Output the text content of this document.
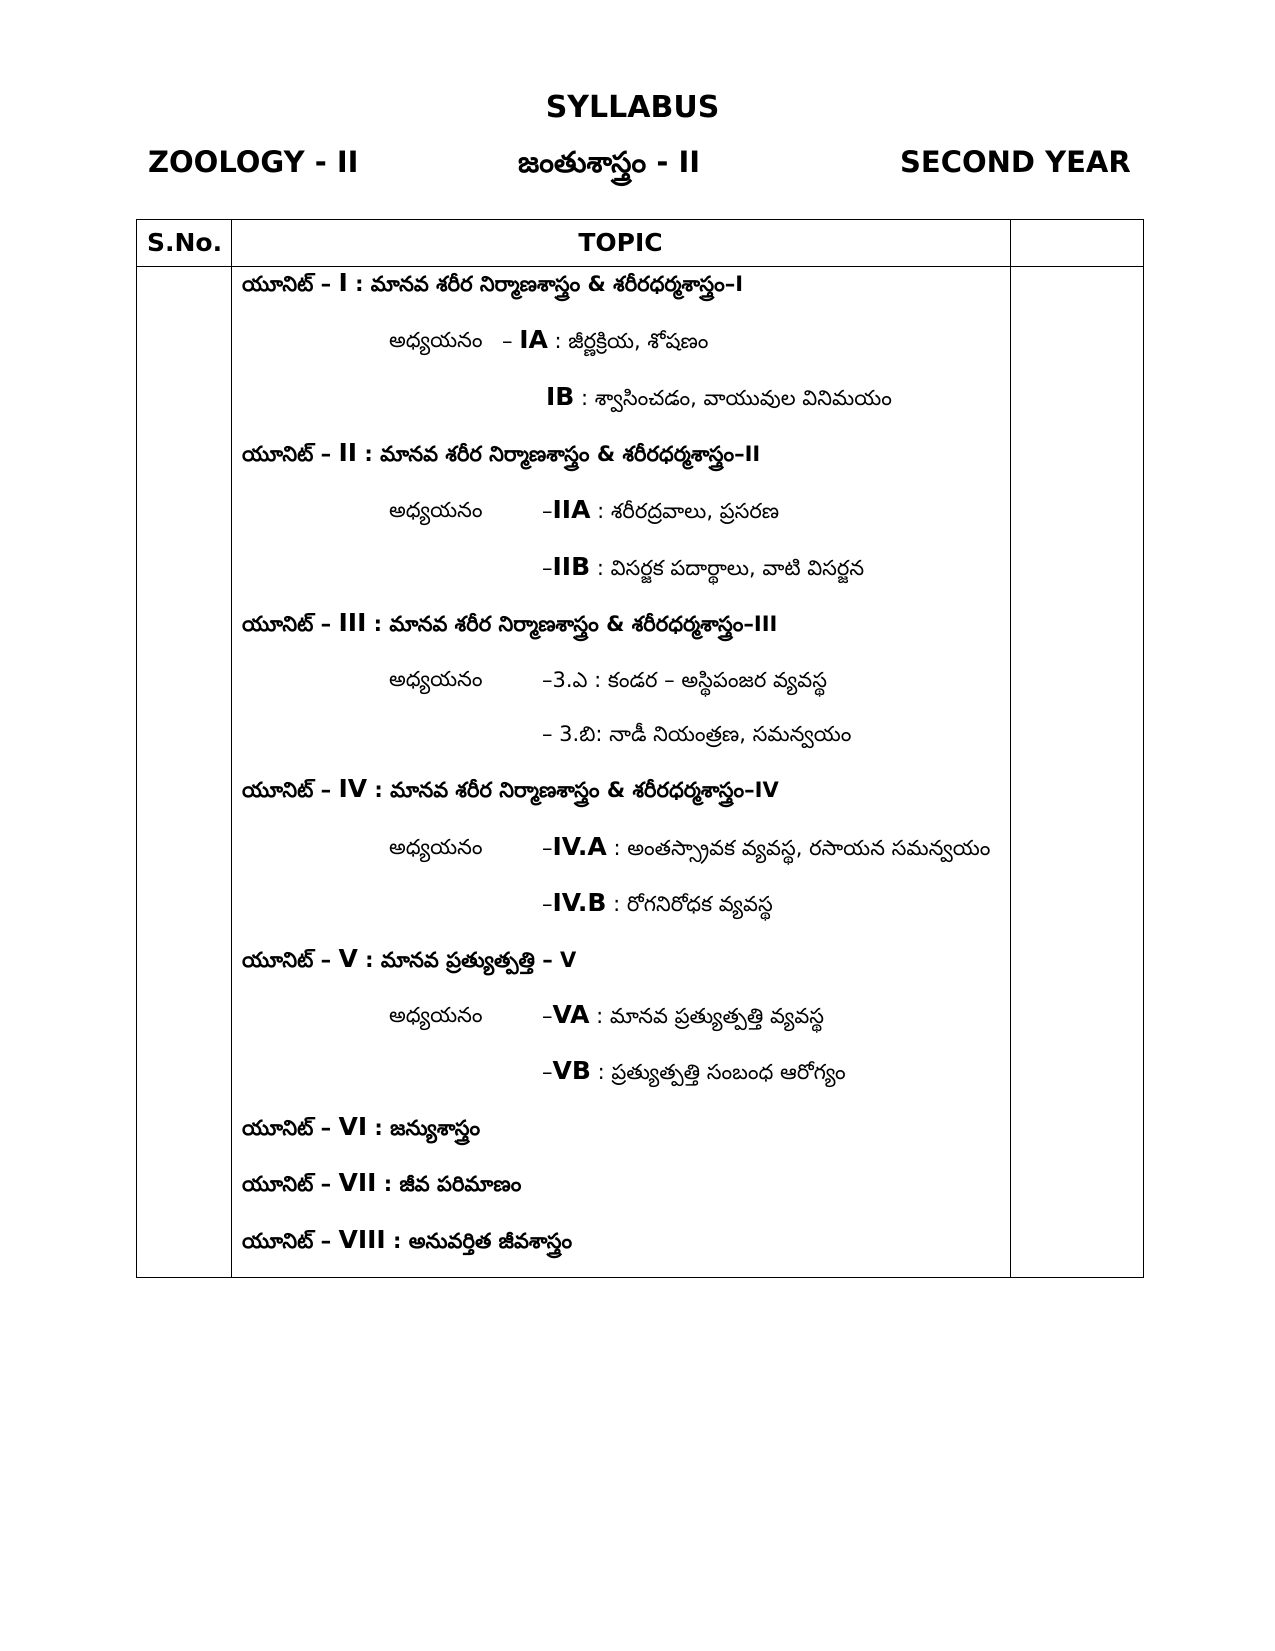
SYLLABUS
ZOOLOGY - II	జంతుశాస్త్రం - II	SECOND YEAR
S.No.	TOPIC
యూనిట్ – I : మానవ శరీర నిర్మాణశాస్త్రం & శరీరధర్మశాస్త్రం–I
అధ్యయనం – IA : జీర్ణక్రియ, శోషణం
IB : శ్వాసించడం, వాయువుల వినిమయం
యూనిట్ – II : మానవ శరీర నిర్మాణశాస్త్రం & శరీరధర్మశాస్త్రం–II
అధ్యయనం	–IIA : శరీరద్రవాలు, ప్రసరణ
–IIB : విసర్జక పదార్థాలు, వాటి విసర్జన
యూనిట్ – III : మానవ శరీర నిర్మాణశాస్త్రం & శరీరధర్మశాస్త్రం–III
అధ్యయనం	–3.ఎ : కండర – అస్థిపంజర వ్యవస్థ
– 3.బి: నాడీ నియంత్రణ, సమన్వయం
యూనిట్ – IV : మానవ శరీర నిర్మాణశాస్త్రం & శరీరధర్మశాస్త్రం–IV
అధ్యయనం	–IV.A : అంతస్స్రావక వ్యవస్థ, రసాయన సమన్వయం
–IV.B : రోగనిరోధక వ్యవస్థ
యూనిట్ – V : మానవ ప్రత్యుత్పత్తి – V
అధ్యయనం	–VA : మానవ ప్రత్యుత్పత్తి వ్యవస్థ
–VB : ప్రత్యుత్పత్తి సంబంధ ఆరోగ్యం
యూనిట్ – VI : జన్యుశాస్త్రం
యూనిట్ – VII : జీవ పరిమాణం
యూనిట్ – VIII : అనువర్తిత జీవశాస్త్రం
